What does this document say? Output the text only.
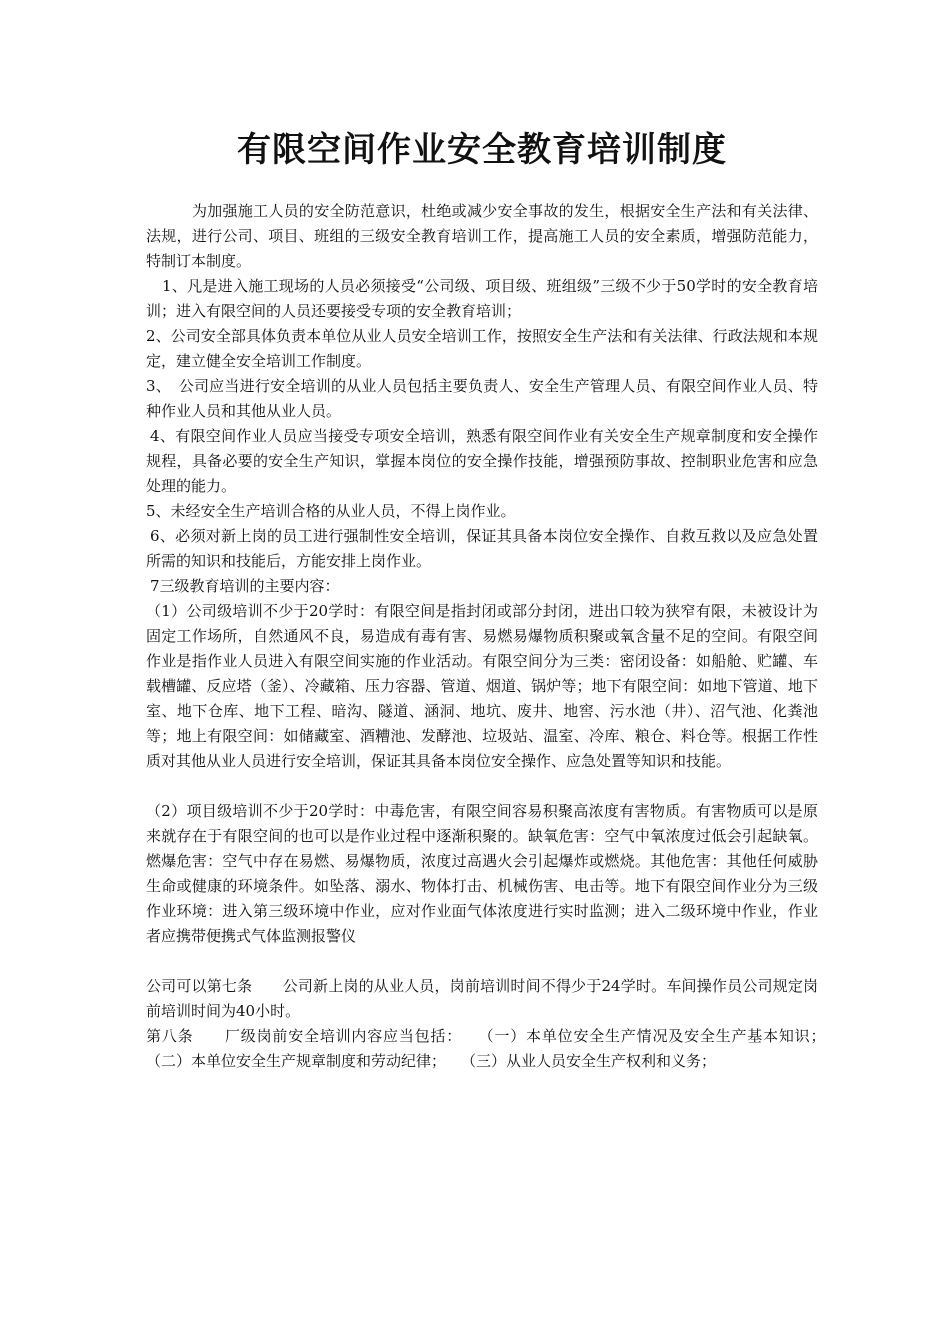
有限空间作业安全教育培训制度

为加强施工人员的安全防范意识，杜绝或减少安全事故的发生，根据安全生产法和有关法律、法规，进行公司、项目、班组的三级安全教育培训工作，提高施工人员的安全素质，增强防范能力，特制订本制度。

1、凡是进入施工现场的人员必须接受“公司级、项目级、班组级”三级不少于50学时的安全教育培训；进入有限空间的人员还要接受专项的安全教育培训；

2、公司安全部具体负责本单位从业人员安全培训工作，按照安全生产法和有关法律、行政法规和本规定，建立健全安全培训工作制度。

3、　公司应当进行安全培训的从业人员包括主要负责人、安全生产管理人员、有限空间作业人员、特种作业人员和其他从业人员。

4、有限空间作业人员应当接受专项安全培训，熟悉有限空间作业有关安全生产规章制度和安全操作规程，具备必要的安全生产知识，掌握本岗位的安全操作技能，增强预防事故、控制职业危害和应急处理的能力。

5、未经安全生产培训合格的从业人员，不得上岗作业。

6、必须对新上岗的员工进行强制性安全培训，保证其具备本岗位安全操作、自救互救以及应急处置所需的知识和技能后，方能安排上岗作业。

7三级教育培训的主要内容：

（1）公司级培训不少于20学时：有限空间是指封闭或部分封闭，进出口较为狭窄有限，未被设计为固定工作场所，自然通风不良，易造成有毒有害、易燃易爆物质积聚或氧含量不足的空间。有限空间作业是指作业人员进入有限空间实施的作业活动。有限空间分为三类：密闭设备：如船舱、贮罐、车载槽罐、反应塔（釜）、冷藏箱、压力容器、管道、烟道、锅炉等；地下有限空间：如地下管道、地下室、地下仓库、地下工程、暗沟、隧道、涵洞、地坑、废井、地窖、污水池（井）、沼气池、化粪池等；地上有限空间：如储藏室、酒糟池、发酵池、垃圾站、温室、冷库、粮仓、料仓等。根据工作性质对其他从业人员进行安全培训，保证其具备本岗位安全操作、应急处置等知识和技能。

（2）项目级培训不少于20学时：中毒危害，有限空间容易积聚高浓度有害物质。有害物质可以是原来就存在于有限空间的也可以是作业过程中逐渐积聚的。缺氧危害：空气中氧浓度过低会引起缺氧。燃爆危害：空气中存在易燃、易爆物质，浓度过高遇火会引起爆炸或燃烧。其他危害：其他任何威胁生命或健康的环境条件。如坠落、溺水、物体打击、机械伤害、电击等。地下有限空间作业分为三级作业环境：进入第三级环境中作业，应对作业面气体浓度进行实时监测；进入二级环境中作业，作业者应携带便携式气体监测报警仪

公司可以第七条　　公司新上岗的从业人员，岗前培训时间不得少于24学时。车间操作员公司规定岗前培训时间为40小时。

第八条　　厂级岗前安全培训内容应当包括：　　（一）本单位安全生产情况及安全生产基本知识；　　（二）本单位安全生产规章制度和劳动纪律；　　（三）从业人员安全生产权利和义务；
